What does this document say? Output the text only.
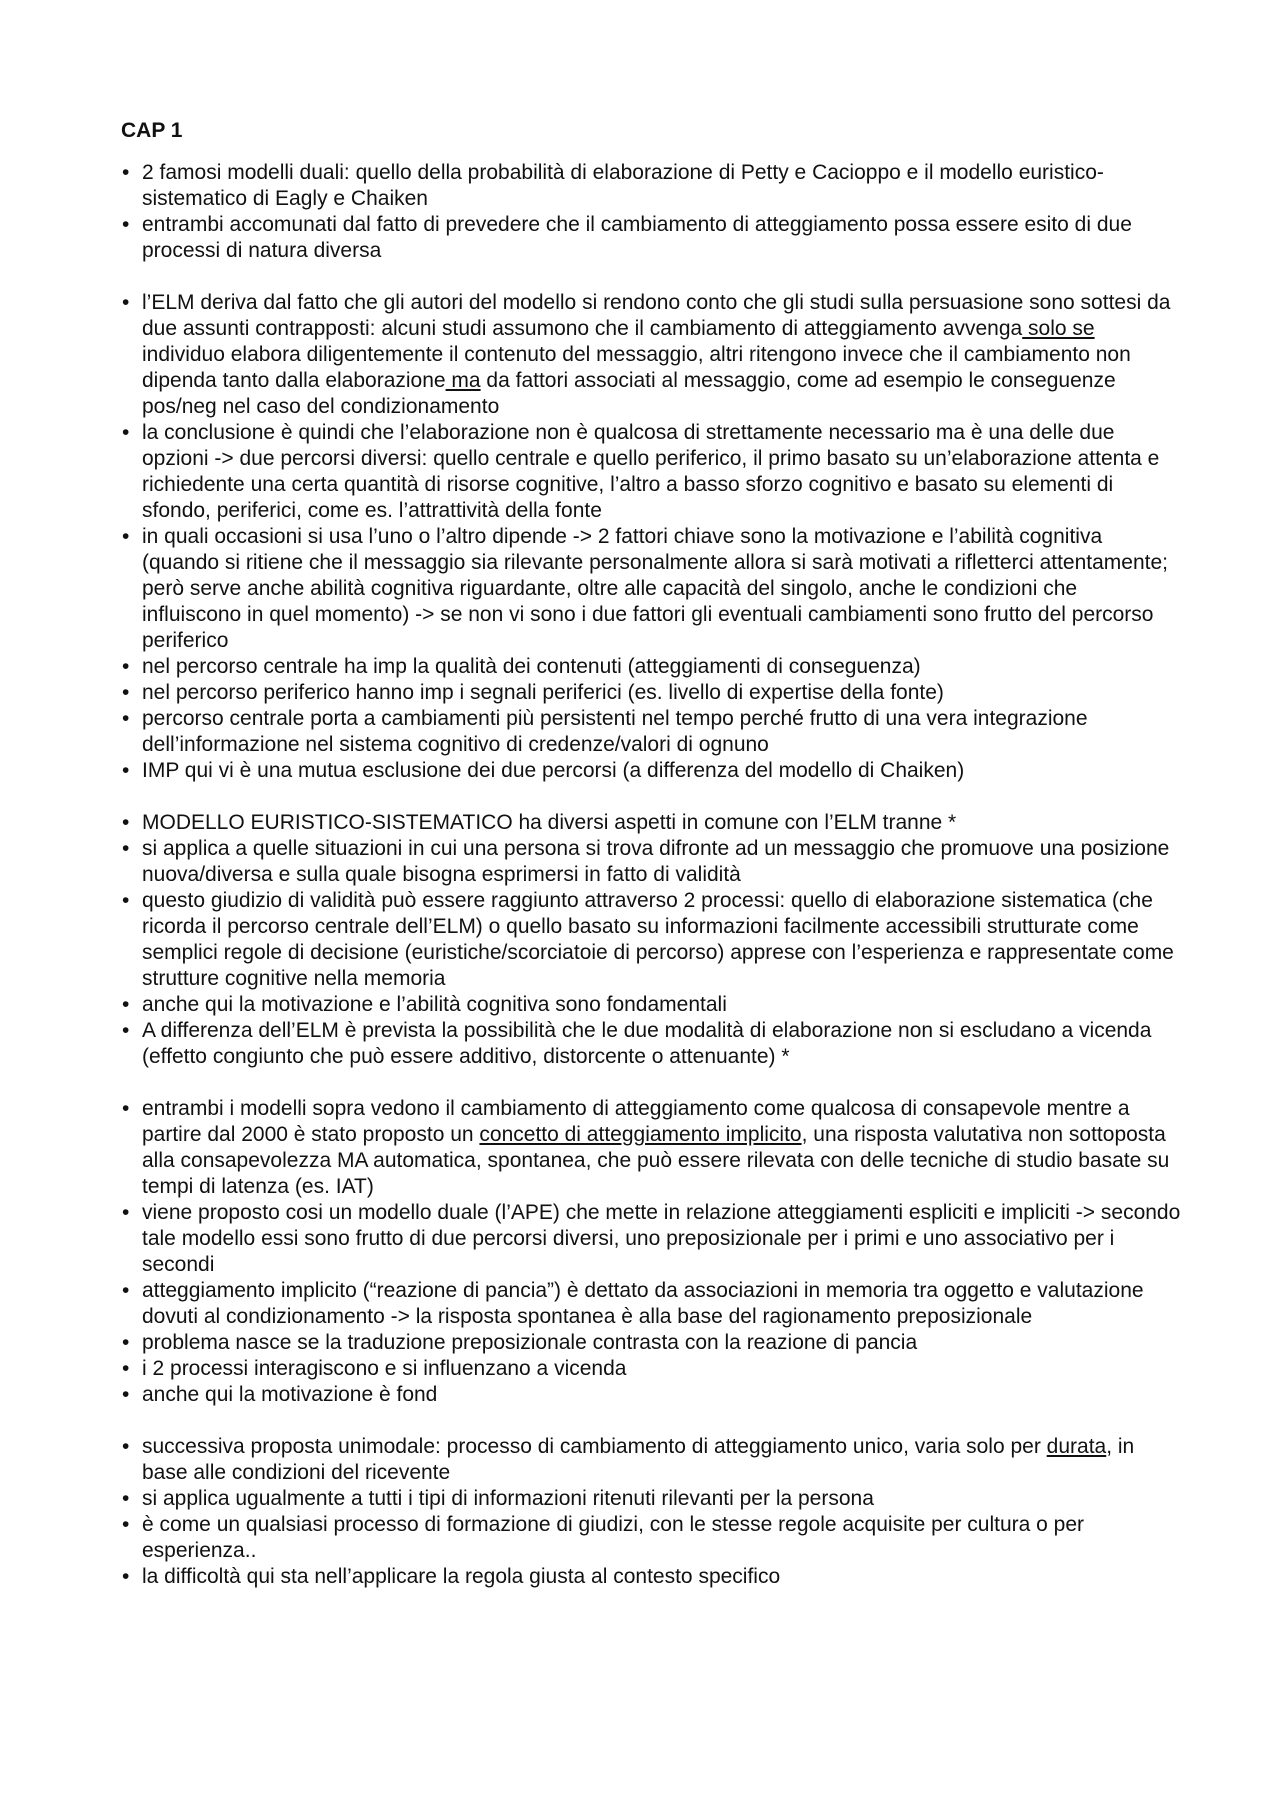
CAP 1
• 2 famosi modelli duali: quello della probabilità di elaborazione di Petty e Cacioppo e il modello euristico-sistematico di Eagly e Chaiken
• entrambi accomunati dal fatto di prevedere che il cambiamento di atteggiamento possa essere esito di due processi di natura diversa
• l’ELM deriva dal fatto che gli autori del modello si rendono conto che gli studi sulla persuasione sono sottesi da due assunti contrapposti: alcuni studi assumono che il cambiamento di atteggiamento avvenga solo se individuo elabora diligentemente il contenuto del messaggio, altri ritengono invece che il cambiamento non dipenda tanto dalla elaborazione ma da fattori associati al messaggio, come ad esempio le conseguenze pos/neg nel caso del condizionamento
• la conclusione è quindi che l’elaborazione non è qualcosa di strettamente necessario ma è una delle due opzioni -> due percorsi diversi: quello centrale e quello periferico, il primo basato su un’elaborazione attenta e richiedente una certa quantità di risorse cognitive, l’altro a basso sforzo cognitivo e basato su elementi di sfondo, periferici, come es. l’attrattività della fonte
• in quali occasioni si usa l’uno o l’altro dipende -> 2 fattori chiave sono la motivazione e l’abilità cognitiva (quando si ritiene che il messaggio sia rilevante personalmente allora si sarà motivati a rifletterci attentamente; però serve anche abilità cognitiva riguardante, oltre alle capacità del singolo, anche le condizioni che influiscono in quel momento) -> se non vi sono i due fattori gli eventuali cambiamenti sono frutto del percorso periferico
• nel percorso centrale ha imp la qualità dei contenuti (atteggiamenti di conseguenza)
• nel percorso periferico hanno imp i segnali periferici (es. livello di expertise della fonte)
• percorso centrale porta a cambiamenti più persistenti nel tempo perché frutto di una vera integrazione dell’informazione nel sistema cognitivo di credenze/valori di ognuno
• IMP qui vi è una mutua esclusione dei due percorsi (a differenza del modello di Chaiken)
• MODELLO EURISTICO-SISTEMATICO ha diversi aspetti in comune con l’ELM tranne *
• si applica a quelle situazioni in cui una persona si trova difronte ad un messaggio che promuove una posizione nuova/diversa e sulla quale bisogna esprimersi in fatto di validità
• questo giudizio di validità può essere raggiunto attraverso 2 processi: quello di elaborazione sistematica (che ricorda il percorso centrale dell’ELM) o quello basato su informazioni facilmente accessibili strutturate come semplici regole di decisione (euristiche/scorciatoie di percorso) apprese con l’esperienza e rappresentate come strutture cognitive nella memoria
• anche qui la motivazione e l’abilità cognitiva sono fondamentali
• A differenza dell’ELM è prevista la possibilità che le due modalità di elaborazione non si escludano a vicenda (effetto congiunto che può essere additivo, distorcente o attenuante) *
• entrambi i modelli sopra vedono il cambiamento di atteggiamento come qualcosa di consapevole mentre a partire dal 2000 è stato proposto un concetto di atteggiamento implicito, una risposta valutativa non sottoposta alla consapevolezza MA automatica, spontanea, che può essere rilevata con delle tecniche di studio basate su tempi di latenza (es. IAT)
• viene proposto cosi un modello duale (l’APE) che mette in relazione atteggiamenti espliciti e impliciti -> secondo tale modello essi sono frutto di due percorsi diversi, uno preposizionale per i primi e uno associativo per i secondi
• atteggiamento implicito (“reazione di pancia”) è dettato da associazioni in memoria tra oggetto e valutazione dovuti al condizionamento -> la risposta spontanea è alla base del ragionamento preposizionale
• problema nasce se la traduzione preposizionale contrasta con la reazione di pancia
• i 2 processi interagiscono e si influenzano a vicenda
• anche qui la motivazione è fond
• successiva proposta unimodale: processo di cambiamento di atteggiamento unico, varia solo per durata, in base alle condizioni del ricevente
• si applica ugualmente a tutti i tipi di informazioni ritenuti rilevanti per la persona
• è come un qualsiasi processo di formazione di giudizi, con le stesse regole acquisite per cultura o per esperienza..
• la difficoltà qui sta nell’applicare la regola giusta al contesto specifico
